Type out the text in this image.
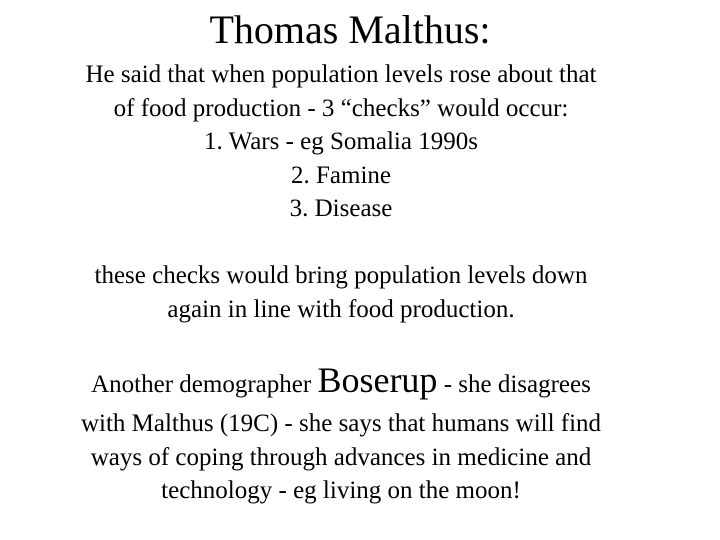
Thomas Malthus:
He said that when population levels rose about that
of food production - 3 “checks” would occur:
1. Wars - eg Somalia 1990s
2. Famine
3. Disease
these checks would bring population levels down
again in line with food production.
Another demographer Boserup - she disagrees
with Malthus (19C) - she says that humans will find
ways of coping through advances in medicine and
technology - eg living on the moon!
